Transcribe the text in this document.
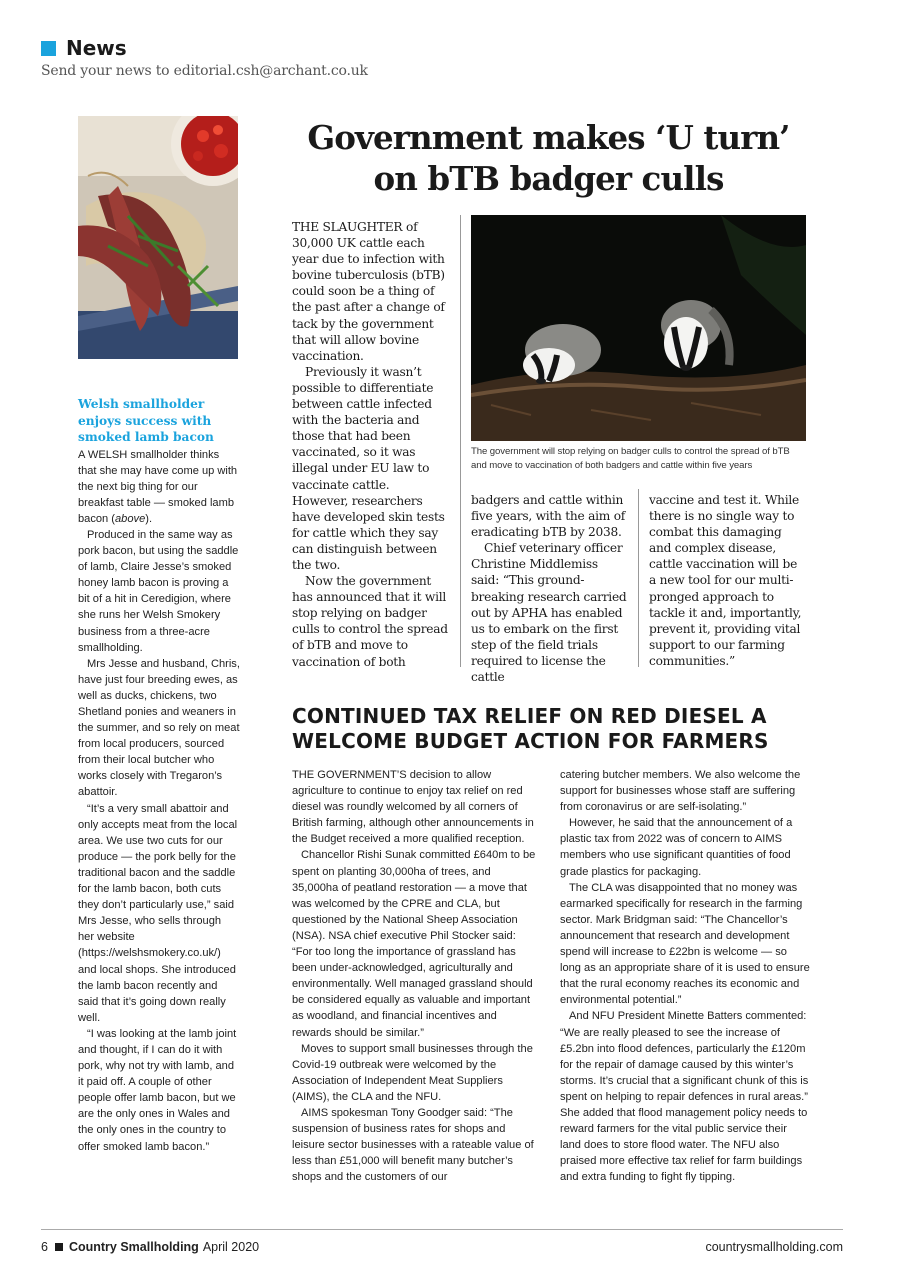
News
Send your news to editorial.csh@archant.co.uk
Welsh smallholder enjoys success with smoked lamb bacon

A WELSH smallholder thinks that she may have come up with the next big thing for our breakfast table — smoked lamb bacon (above).

Produced in the same way as pork bacon, but using the saddle of lamb, Claire Jesse’s smoked honey lamb bacon is proving a bit of a hit in Ceredigion, where she runs her Welsh Smokery business from a three-acre smallholding.

Mrs Jesse and husband, Chris, have just four breeding ewes, as well as ducks, chickens, two Shetland ponies and weaners in the summer, and so rely on meat from local producers, sourced from their local butcher who works closely with Tregaron’s abattoir.

“It’s a very small abattoir and only accepts meat from the local area. We use two cuts for our produce — the pork belly for the traditional bacon and the saddle for the lamb bacon, both cuts they don’t particularly use,” said Mrs Jesse, who sells through her website (https://welshsmokery.co.uk/) and local shops. She introduced the lamb bacon recently and said that it’s going down really well.

“I was looking at the lamb joint and thought, if I can do it with pork, why not try with lamb, and it paid off. A couple of other people offer lamb bacon, but we are the only ones in Wales and the only ones in the country to offer smoked lamb bacon.”

Government makes ‘U turn’
on bTB badger culls

THE SLAUGHTER of 30,000 UK cattle each year due to infection with bovine tuberculosis (bTB) could soon be a thing of the past after a change of tack by the government that will allow bovine vaccination.

Previously it wasn’t possible to differentiate between cattle infected with the bacteria and those that had been vaccinated, so it was illegal under EU law to vaccinate cattle. However, researchers have developed skin tests for cattle which they say can distinguish between the two.

Now the government has announced that it will stop relying on badger culls to control the spread of bTB and move to vaccination of both

The government will stop relying on badger culls to control the spread of bTB and move to vaccination of both badgers and cattle within five years

badgers and cattle within five years, with the aim of eradicating bTB by 2038.

Chief veterinary officer Christine Middlemiss said: “This ground-breaking research carried out by APHA has enabled us to embark on the first step of the field trials required to license the cattle

vaccine and test it. While there is no single way to combat this damaging and complex disease, cattle vaccination will be a new tool for our multi-pronged approach to tackle it and, importantly, prevent it, providing vital support to our farming communities.”

CONTINUED TAX RELIEF ON RED DIESEL A
WELCOME BUDGET ACTION FOR FARMERS

THE GOVERNMENT’S decision to allow agriculture to continue to enjoy tax relief on red diesel was roundly welcomed by all corners of British farming, although other announcements in the Budget received a more qualified reception.

Chancellor Rishi Sunak committed £640m to be spent on planting 30,000ha of trees, and 35,000ha of peatland restoration — a move that was welcomed by the CPRE and CLA, but questioned by the National Sheep Association (NSA). NSA chief executive Phil Stocker said: “For too long the importance of grassland has been under-acknowledged, agriculturally and environmentally. Well managed grassland should be considered equally as valuable and important as woodland, and financial incentives and rewards should be similar.”

Moves to support small businesses through the Covid-19 outbreak were welcomed by the Association of Independent Meat Suppliers (AIMS), the CLA and the NFU.

AIMS spokesman Tony Goodger said: “The suspension of business rates for shops and leisure sector businesses with a rateable value of less than £51,000 will benefit many butcher’s shops and the customers of our

catering butcher members. We also welcome the support for businesses whose staff are suffering from coronavirus or are self-isolating.”

However, he said that the announcement of a plastic tax from 2022 was of concern to AIMS members who use significant quantities of food grade plastics for packaging.

The CLA was disappointed that no money was earmarked specifically for research in the farming sector. Mark Bridgman said: “The Chancellor’s announcement that research and development spend will increase to £22bn is welcome — so long as an appropriate share of it is used to ensure that the rural economy reaches its economic and environmental potential.”

And NFU President Minette Batters commented: “We are really pleased to see the increase of £5.2bn into flood defences, particularly the £120m for the repair of damage caused by this winter’s storms. It’s crucial that a significant chunk of this is spent on helping to repair defences in rural areas.” She added that flood management policy needs to reward farmers for the vital public service their land does to store flood water. The NFU also praised more effective tax relief for farm buildings and extra funding to fight fly tipping.

6 Country Smallholding April 2020	countrysmallholding.com
